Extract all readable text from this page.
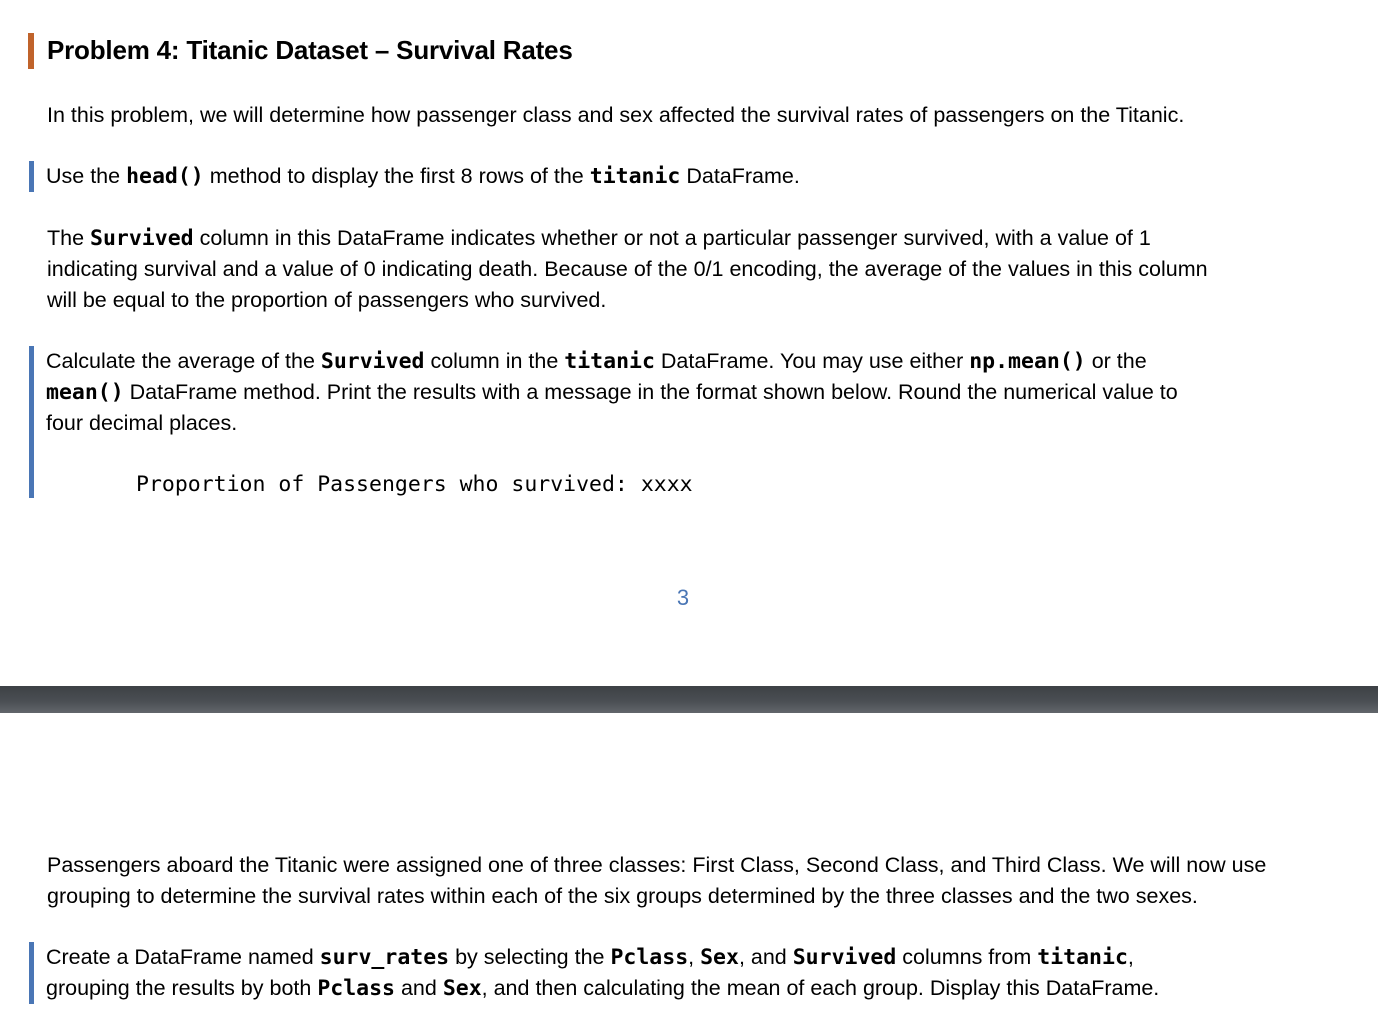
Problem 4: Titanic Dataset – Survival Rates
In this problem, we will determine how passenger class and sex affected the survival rates of passengers on the Titanic.
Use the head() method to display the first 8 rows of the titanic DataFrame.
The Survived column in this DataFrame indicates whether or not a particular passenger survived, with a value of 1
indicating survival and a value of 0 indicating death. Because of the 0/1 encoding, the average of the values in this column
will be equal to the proportion of passengers who survived.
Calculate the average of the Survived column in the titanic DataFrame. You may use either np.mean() or the
mean() DataFrame method. Print the results with a message in the format shown below. Round the numerical value to
four decimal places.
Proportion of Passengers who survived: xxxx
3
Passengers aboard the Titanic were assigned one of three classes: First Class, Second Class, and Third Class. We will now use
grouping to determine the survival rates within each of the six groups determined by the three classes and the two sexes.
Create a DataFrame named surv_rates by selecting the Pclass, Sex, and Survived columns from titanic,
grouping the results by both Pclass and Sex, and then calculating the mean of each group. Display this DataFrame.
